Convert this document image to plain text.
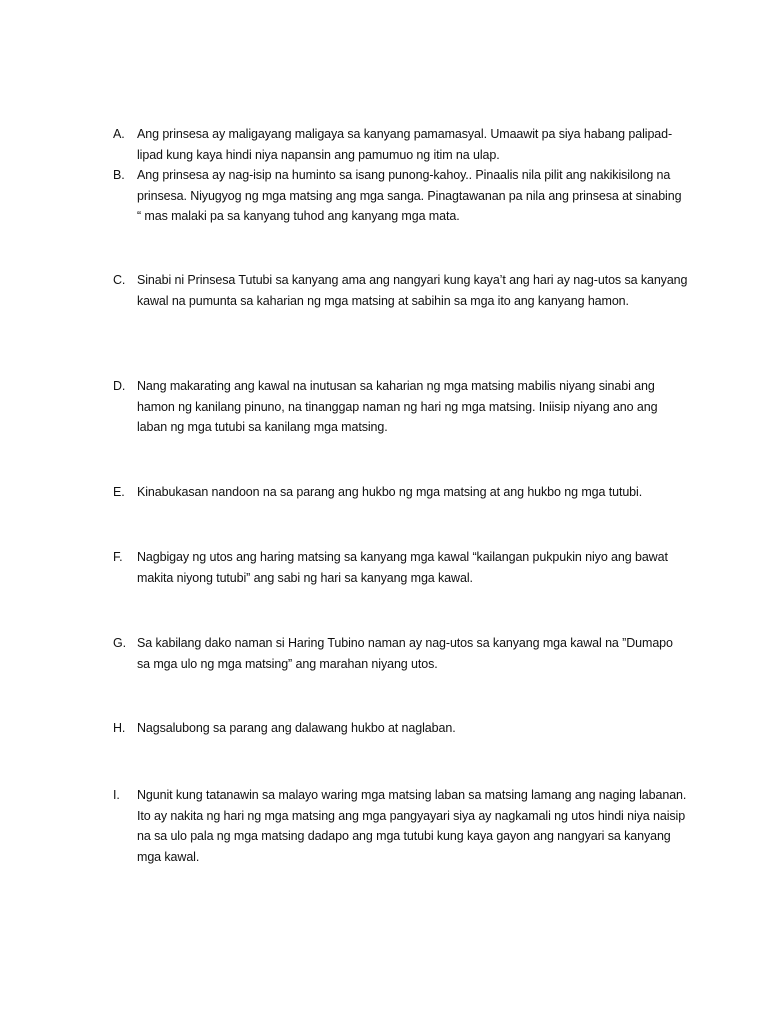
A. Ang prinsesa ay maligayang maligaya sa kanyang pamamasyal. Umaawit pa siya habang palipad-lipad kung kaya hindi niya napansin ang pamumuo ng itim na ulap.
B. Ang prinsesa ay nag-isip na huminto sa isang punong-kahoy.. Pinaalis nila pilit ang nakikisilong na prinsesa. Niyugyog ng mga matsing ang mga sanga. Pinagtawanan pa nila ang prinsesa at sinabing “ mas malaki pa sa kanyang tuhod ang kanyang mga mata.
C. Sinabi ni Prinsesa Tutubi sa kanyang ama ang nangyari kung kaya’t ang hari ay nag-utos sa kanyang kawal na pumunta sa kaharian ng mga matsing at sabihin sa mga ito ang kanyang hamon.
D. Nang makarating ang kawal na inutusan sa kaharian ng mga matsing mabilis niyang sinabi ang hamon ng kanilang pinuno, na tinanggap naman ng hari ng mga matsing. Iniisip niyang ano ang laban ng mga tutubi sa kanilang mga matsing.
E. Kinabukasan nandoon na sa parang ang hukbo ng mga matsing at ang hukbo ng mga tutubi.
F.	Nagbigay ng utos ang haring matsing sa kanyang mga kawal “kailangan pukpukin niyo ang bawat makita niyong tutubi” ang sabi ng hari sa kanyang mga kawal.
G. Sa kabilang dako naman si Haring Tubino naman ay nag-utos sa kanyang mga kawal na ”Dumapo sa mga ulo ng mga matsing” ang marahan niyang utos.
H. Nagsalubong sa parang ang dalawang hukbo at naglaban.
I.	Ngunit kung tatanawin sa malayo waring mga matsing laban sa matsing lamang ang naging labanan. Ito ay nakita ng hari ng mga matsing ang mga pangyayari siya ay nagkamali ng utos hindi niya naisip na sa ulo pala ng mga matsing dadapo ang mga tutubi kung kaya gayon ang nangyari sa kanyang mga kawal.
